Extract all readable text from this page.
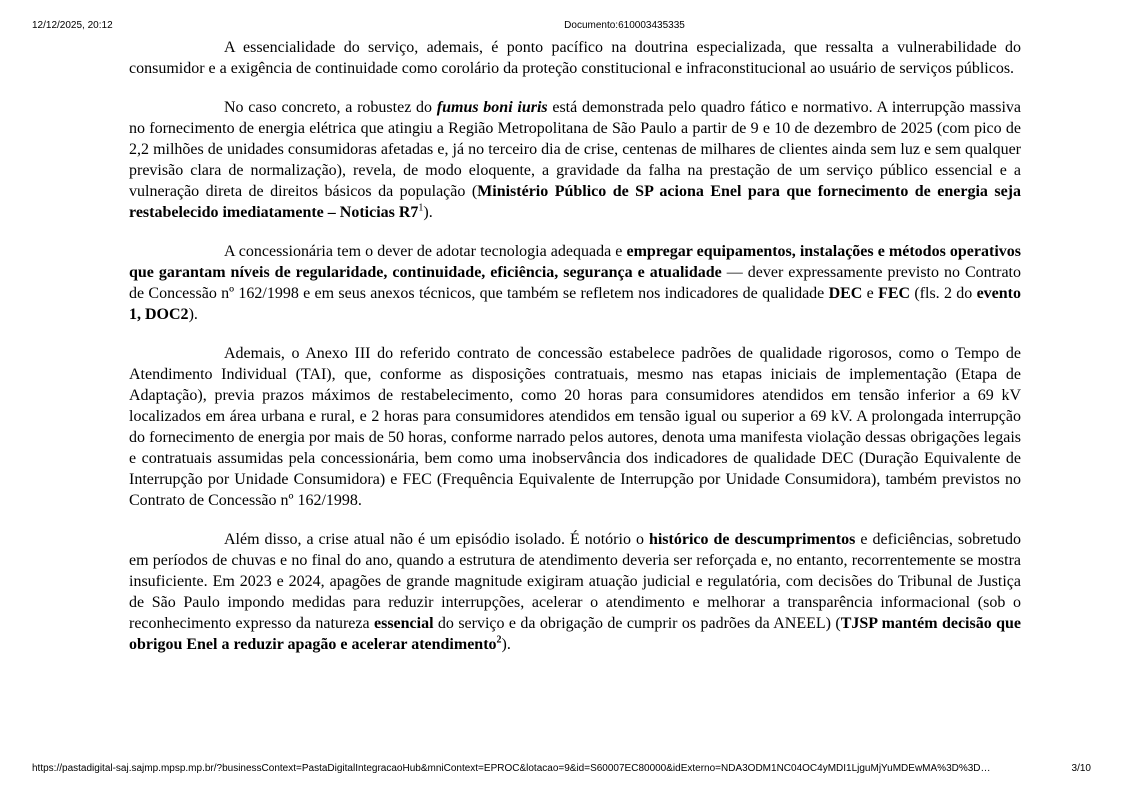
12/12/2025, 20:12	Documento:610003435335

A essencialidade do serviço, ademais, é ponto pacífico na doutrina especializada, que ressalta a vulnerabilidade do consumidor e a exigência de continuidade como corolário da proteção constitucional e infraconstitucional ao usuário de serviços públicos.

No caso concreto, a robustez do fumus boni iuris está demonstrada pelo quadro fático e normativo. A interrupção massiva no fornecimento de energia elétrica que atingiu a Região Metropolitana de São Paulo a partir de 9 e 10 de dezembro de 2025 (com pico de 2,2 milhões de unidades consumidoras afetadas e, já no terceiro dia de crise, centenas de milhares de clientes ainda sem luz e sem qualquer previsão clara de normalização), revela, de modo eloquente, a gravidade da falha na prestação de um serviço público essencial e a vulneração direta de direitos básicos da população (Ministério Público de SP aciona Enel para que fornecimento de energia seja restabelecido imediatamente – Noticias $R7^1$).

A concessionária tem o dever de adotar tecnologia adequada e empregar equipamentos, instalações e métodos operativos que garantam níveis de regularidade, continuidade, eficiência, segurança e atualidade — dever expressamente previsto no Contrato de Concessão nº 162/1998 e em seus anexos técnicos, que também se refletem nos indicadores de qualidade DEC e FEC (fls. 2 do evento 1, DOC2).

Ademais, o Anexo III do referido contrato de concessão estabelece padrões de qualidade rigorosos, como o Tempo de Atendimento Individual (TAI), que, conforme as disposições contratuais, mesmo nas etapas iniciais de implementação (Etapa de Adaptação), previa prazos máximos de restabelecimento, como 20 horas para consumidores atendidos em tensão inferior a 69 kV localizados em área urbana e rural, e 2 horas para consumidores atendidos em tensão igual ou superior a 69 kV. A prolongada interrupção do fornecimento de energia por mais de 50 horas, conforme narrado pelos autores, denota uma manifesta violação dessas obrigações legais e contratuais assumidas pela concessionária, bem como uma inobservância dos indicadores de qualidade DEC (Duração Equivalente de Interrupção por Unidade Consumidora) e FEC (Frequência Equivalente de Interrupção por Unidade Consumidora), também previstos no Contrato de Concessão nº 162/1998.

Além disso, a crise atual não é um episódio isolado. É notório o histórico de descumprimentos e deficiências, sobretudo em períodos de chuvas e no final do ano, quando a estrutura de atendimento deveria ser reforçada e, no entanto, recorrentemente se mostra insuficiente. Em 2023 e 2024, apagões de grande magnitude exigiram atuação judicial e regulatória, com decisões do Tribunal de Justiça de São Paulo impondo medidas para reduzir interrupções, acelerar o atendimento e melhorar a transparência informacional (sob o reconhecimento expresso da natureza essencial do serviço e da obrigação de cumprir os padrões da ANEEL) (TJSP mantém decisão que obrigou Enel a reduzir apagão e acelerar atendimento$^2$).

https://pastadigital-saj.sajmp.mpsp.mp.br/?businessContext=PastaDigitalIntegracaoHub&mniContext=EPROC&lotacao=9&id=S60007EC80000&idExterno=NDA3ODM1NC04OC4yMDI1LjguMjYuMDEwMA%3D%3D…	3/10
